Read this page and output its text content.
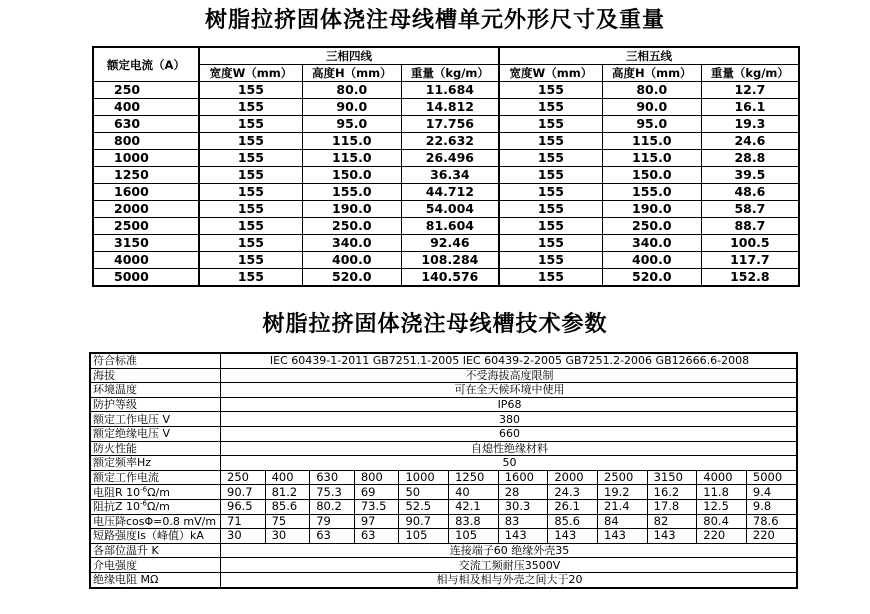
树脂拉挤固体浇注母线槽单元外形尺寸及重量
额定电流（A）	三相四线			三相五线		
	宽度W（mm）	高度H（mm）	重量（kg/m）	宽度W（mm）	高度H（mm）	重量（kg/m）
250	155	80.0	11.684	155	80.0	12.7
400	155	90.0	14.812	155	90.0	16.1
630	155	95.0	17.756	155	95.0	19.3
800	155	115.0	22.632	155	115.0	24.6
1000	155	115.0	26.496	155	115.0	28.8
1250	155	150.0	36.34	155	150.0	39.5
1600	155	155.0	44.712	155	155.0	48.6
2000	155	190.0	54.004	155	190.0	58.7
2500	155	250.0	81.604	155	250.0	88.7
3150	155	340.0	92.46	155	340.0	100.5
4000	155	400.0	108.284	155	400.0	117.7
5000	155	520.0	140.576	155	520.0	152.8
树脂拉挤固体浇注母线槽技术参数
符合标准	IEC 60439-1-2011 GB7251.1-2005 IEC 60439-2-2005 GB7251.2-2006 GB12666.6-2008											
海拔	不受海拔高度限制											
环境温度	可在全天候环境中使用											
防护等级	IP68											
额定工作电压 V	380											
额定绝缘电压 V	660											
防火性能	自熄性绝缘材料											
额定频率Hz	50											
额定工作电流	250	400	630	800	1000	1250	1600	2000	2500	3150	4000	5000
电阻R $10^{-6}\Omega/m$	90.7	81.2	75.3	69	50	40	28	24.3	19.2	16.2	11.8	9.4
阻抗Z $10^{-6}\Omega/m$	96.5	85.6	80.2	73.5	52.5	42.1	30.3	26.1	21.4	17.8	12.5	9.8
电压降cosΦ=0.8 mV/m	71	75	79	97	90.7	83.8	83	85.6	84	82	80.4	78.6
短路强度Is（峰值）kA	30	30	63	63	105	105	143	143	143	143	220	220
各部位温升 K	连接端子60 绝缘外壳35											
介电强度	交流工频耐压3500V											
绝缘电阻 MΩ	相与相及相与外壳之间大于20											
